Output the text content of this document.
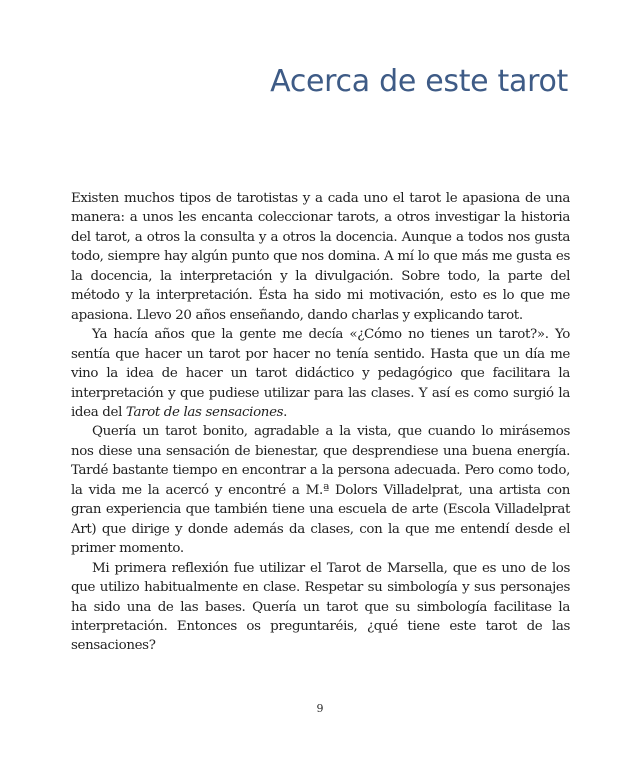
Acerca de este tarot

Existen muchos tipos de tarotistas y a cada uno el tarot le apasiona de una manera: a unos les encanta coleccionar tarots, a otros investigar la historia del tarot, a otros la consulta y a otros la docencia. Aunque a todos nos gusta todo, siempre hay algún punto que nos domina. A mí lo que más me gusta es la docencia, la interpretación y la divulgación. Sobre todo, la parte del método y la interpretación. Ésta ha sido mi motivación, esto es lo que me apasiona. Llevo 20 años enseñando, dando charlas y explicando tarot.

Ya hacía años que la gente me decía «¿Cómo no tienes un tarot?». Yo sentía que hacer un tarot por hacer no tenía sentido. Hasta que un día me vino la idea de hacer un tarot didáctico y pedagógico que facilitara la interpretación y que pudiese utilizar para las clases. Y así es como surgió la idea del Tarot de las sensaciones.

Quería un tarot bonito, agradable a la vista, que cuando lo mirásemos nos diese una sensación de bienestar, que desprendiese una buena energía. Tardé bastante tiempo en encontrar a la persona adecuada. Pero como todo, la vida me la acercó y encontré a M.ª Dolors Villadelprat, una artista con gran experiencia que también tiene una escuela de arte (Escola Villadelprat Art) que dirige y donde además da clases, con la que me entendí desde el primer momento.

Mi primera reflexión fue utilizar el Tarot de Marsella, que es uno de los que utilizo habitualmente en clase. Respetar su simbología y sus personajes ha sido una de las bases. Quería un tarot que su simbología facilitase la interpretación. Entonces os preguntaréis, ¿qué tiene este tarot de las sensaciones?

9
